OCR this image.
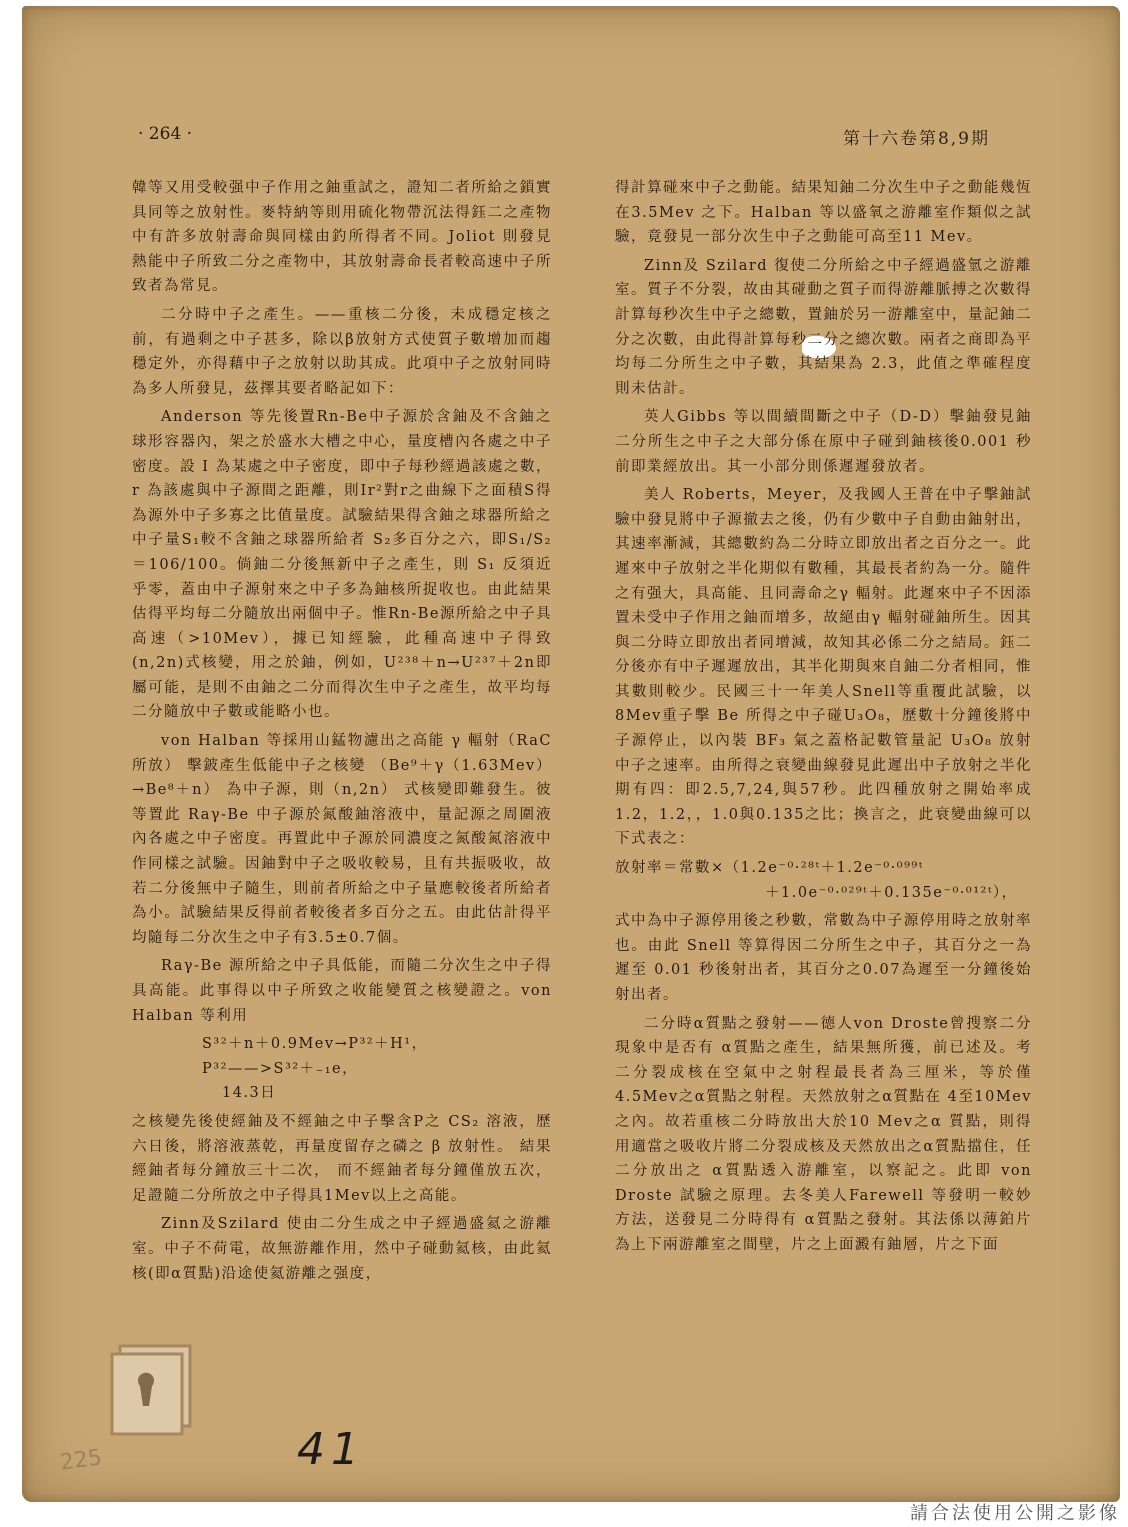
· 264 ·	第十六卷第8,9期

韓等又用受較强中子作用之鈾重試之，證知二者所給之鎖實具同等之放射性。麥特納等則用硫化物帶沉法得鈺二之產物中有許多放射壽命與同樣由釣所得者不同。Joliot 則發見熱能中子所致二分之產物中，其放射壽命長者較高速中子所致者為常見。

二分時中子之產生。——重核二分後，未成穩定核之前，有過剩之中子甚多，除以β放射方式使質子數增加而趨穩定外，亦得藉中子之放射以助其成。此項中子之放射同時為多人所發見，茲擇其要者略記如下：

Anderson 等先後置Rn-Be中子源於含鈾及不含鈾之球形容器內，架之於盛水大槽之中心，量度槽內各處之中子密度。設 I 為某處之中子密度，即中子每秒經過該處之數，r 為該處與中子源間之距離，則Ir²對r之曲線下之面積S得為源外中子多寡之比值量度。試驗結果得含鈾之球器所給之中子量S₁較不含鈾之球器所給者 S₂多百分之六，即S₁/S₂＝106/100。倘鈾二分後無新中子之產生，則 S₁ 反須近乎零，蓋由中子源射來之中子多為鈾核所捉收也。由此結果估得平均每二分隨放出兩個中子。惟Rn-Be源所給之中子具高速（>10Mev），據已知經驗，此種高速中子得致(n,2n)式核變，用之於鈾，例如，U²³⁸＋n→U²³⁷＋2n即屬可能，是則不由鈾之二分而得次生中子之產生，故平均每二分隨放中子數或能略小也。

von Halban 等採用山錳物濾出之高能 γ 輻射（RaC所放） 擊鈹產生低能中子之核變 （Be⁹＋γ（1.63Mev）→Be⁸＋n） 為中子源，則（n,2n） 式核變即難發生。彼等置此 Raγ-Be 中子源於氮酸鈾溶液中，量記源之周圍液內各處之中子密度。再置此中子源於同濃度之氮酸氮溶液中作同樣之試驗。因鈾對中子之吸收較易，且有共振吸收，故若二分後無中子隨生，則前者所給之中子量應較後者所給者為小。試驗結果反得前者較後者多百分之五。由此估計得平均隨每二分次生之中子有3.5±0.7個。

Raγ-Be 源所給之中子具低能，而隨二分次生之中子得具高能。此事得以中子所致之收能變質之核變證之。von Halban 等利用

S³²＋n＋0.9Mev→P³²＋H¹，

P³²——>S³²＋₋₁e，

14.3日

之核變先後使經鈾及不經鈾之中子擊含P之 CS₂ 溶液，歷六日後，將溶液蒸乾，再量度留存之磷之 β 放射性。 結果經鈾者每分鐘放三十二次， 而不經鈾者每分鐘僅放五次，足證隨二分所放之中子得具1Mev以上之高能。

Zinn及Szilard 使由二分生成之中子經過盛氦之游離室。中子不荷電，故無游離作用，然中子碰動氦核，由此氦核(即α質點)沿途使氦游離之强度，

得計算碰來中子之動能。結果知鈾二分次生中子之動能幾恆在3.5Mev 之下。Halban 等以盛氧之游離室作類似之試驗，竟發見一部分次生中子之動能可高至11 Mev。

Zinn及 Szilard 復使二分所給之中子經過盛氫之游離室。質子不分裂，故由其碰動之質子而得游離脈搏之次數得計算每秒次生中子之總數，置鈾於另一游離室中，量記鈾二分之次數，由此得計算每秒二分之總次數。兩者之商即為平均每二分所生之中子數，其結果為 2.3，此值之準確程度則未估計。

英人Gibbs 等以間續間斷之中子（D-D）擊鈾發見鈾二分所生之中子之大部分係在原中子碰到鈾核後0.001 秒前即業經放出。其一小部分則係遲遲發放者。

美人 Roberts，Meyer，及我國人王普在中子擊鈾試驗中發見將中子源撤去之後，仍有少數中子自動由鈾射出，其速率漸減，其總數約為二分時立即放出者之百分之一。此遲來中子放射之半化期似有數種，其最長者約為一分。隨件之有强大，具高能、且同壽命之γ 輻射。此遲來中子不因添置未受中子作用之鈾而增多，故絕由γ 輻射碰鈾所生。因其與二分時立即放出者同增減，故知其必係二分之結局。鈺二分後亦有中子遲遲放出，其半化期與來自鈾二分者相同，惟其數則較少。民國三十一年美人Snell等重覆此試驗，以8Mev重子擊 Be 所得之中子碰U₃O₈，歷數十分鐘後將中子源停止，以內裝 BF₃ 氣之蓋格記數管量記 U₃O₈ 放射中子之速率。由所得之衰變曲線發見此遲出中子放射之半化期有四：即2.5,7,24,與57秒。此四種放射之開始率成 1.2，1.2，，1.0與0.135之比；換言之，此衰變曲線可以下式表之：

放射率＝常數×（1.2e⁻⁰·²⁸ᵗ＋1.2e⁻⁰·⁰⁹⁹ᵗ

＋1.0e⁻⁰·⁰²⁹ᵗ＋0.135e⁻⁰·⁰¹²ᵗ），

式中為中子源停用後之秒數，常數為中子源停用時之放射率也。由此 Snell 等算得因二分所生之中子，其百分之一為遲至 0.01 秒後射出者，其百分之0.07為遲至一分鐘後始射出者。

二分時α質點之發射——德人von Droste曾搜察二分現象中是否有 α質點之產生，結果無所獲，前已述及。考二分裂成核在空氣中之射程最長者為三厘米，等於僅4.5Mev之α質點之射程。天然放射之α質點在 4至10Mev 之內。故若重核二分時放出大於10 Mev之α 質點，則得用適當之吸收片將二分裂成核及天然放出之α質點擋住，任二分放出之 α質點透入游離室，以察記之。此即 von Droste 試驗之原理。去冬美人Farewell 等發明一較妙方法，送發見二分時得有 α質點之發射。其法係以薄鉑片為上下兩游離室之間壁，片之上面澱有鈾層，片之下面

41
225
請合法使用公開之影像
